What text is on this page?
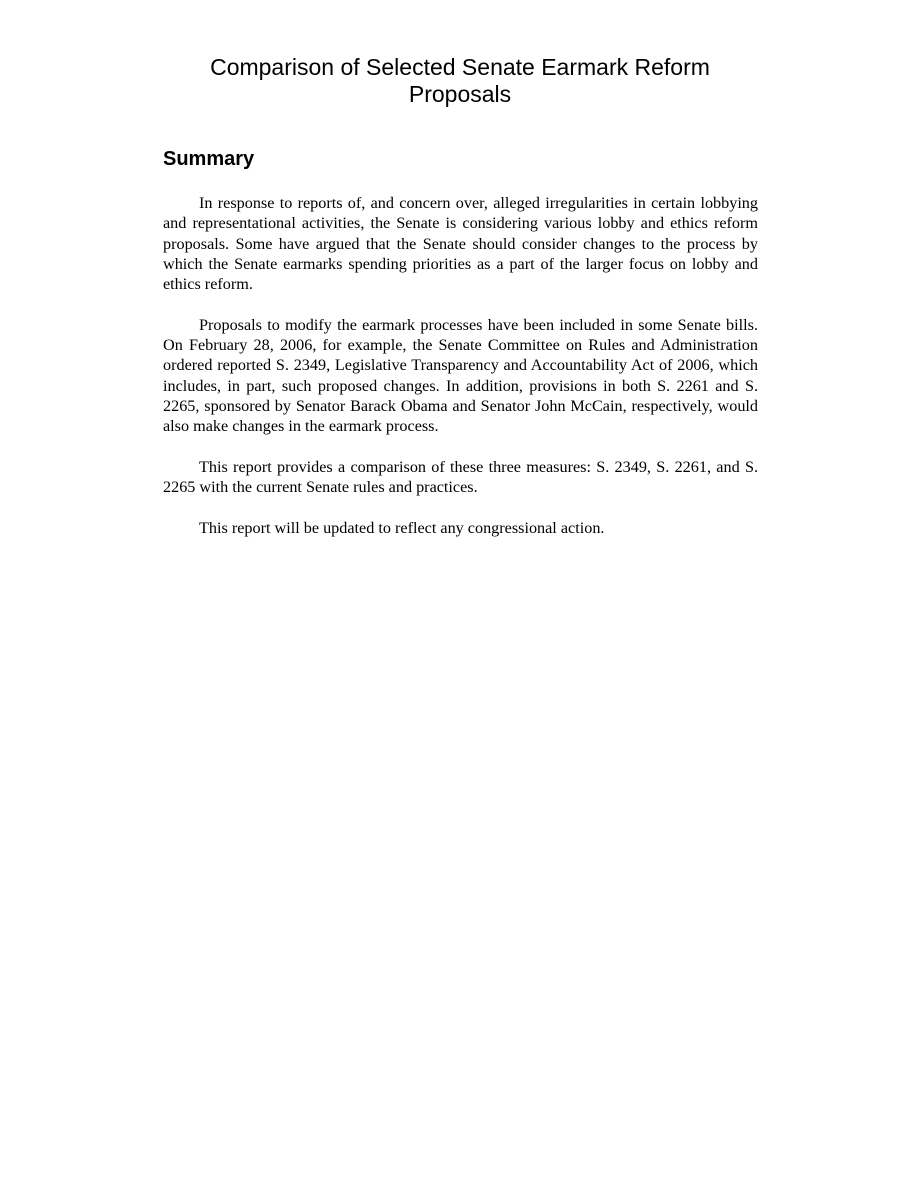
Comparison of Selected Senate Earmark Reform
Proposals
Summary

In response to reports of, and concern over, alleged irregularities in certain lobbying and representational activities, the Senate is considering various lobby and ethics reform proposals. Some have argued that the Senate should consider changes to the process by which the Senate earmarks spending priorities as a part of the larger focus on lobby and ethics reform.

Proposals to modify the earmark processes have been included in some Senate bills. On February 28, 2006, for example, the Senate Committee on Rules and Administration ordered reported S. 2349, Legislative Transparency and Accountability Act of 2006, which includes, in part, such proposed changes. In addition, provisions in both S. 2261 and S. 2265, sponsored by Senator Barack Obama and Senator John McCain, respectively, would also make changes in the earmark process.

This report provides a comparison of these three measures: S. 2349, S. 2261, and S. 2265 with the current Senate rules and practices.

This report will be updated to reflect any congressional action.
